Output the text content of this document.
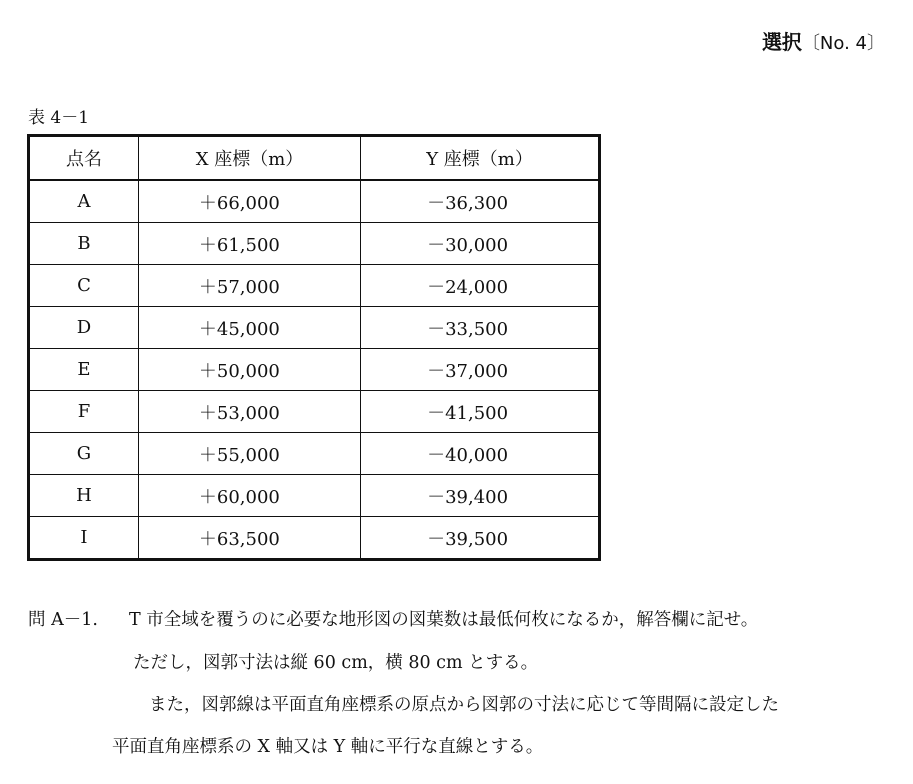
選択〔No. 4〕
表 4－1
点名	X 座標（m）	Y 座標（m）
A	＋66,000	－36,300
B	＋61,500	－30,000
C	＋57,000	－24,000
D	＋45,000	－33,500
E	＋50,000	－37,000
F	＋53,000	－41,500
G	＋55,000	－40,000
H	＋60,000	－39,400
I	＋63,500	－39,500
問 A－1. T 市全域を覆うのに必要な地形図の図葉数は最低何枚になるか，解答欄に記せ。
ただし，図郭寸法は縦 60 cm，横 80 cm とする。
また，図郭線は平面直角座標系の原点から図郭の寸法に応じて等間隔に設定した
平面直角座標系の X 軸又は Y 軸に平行な直線とする。
